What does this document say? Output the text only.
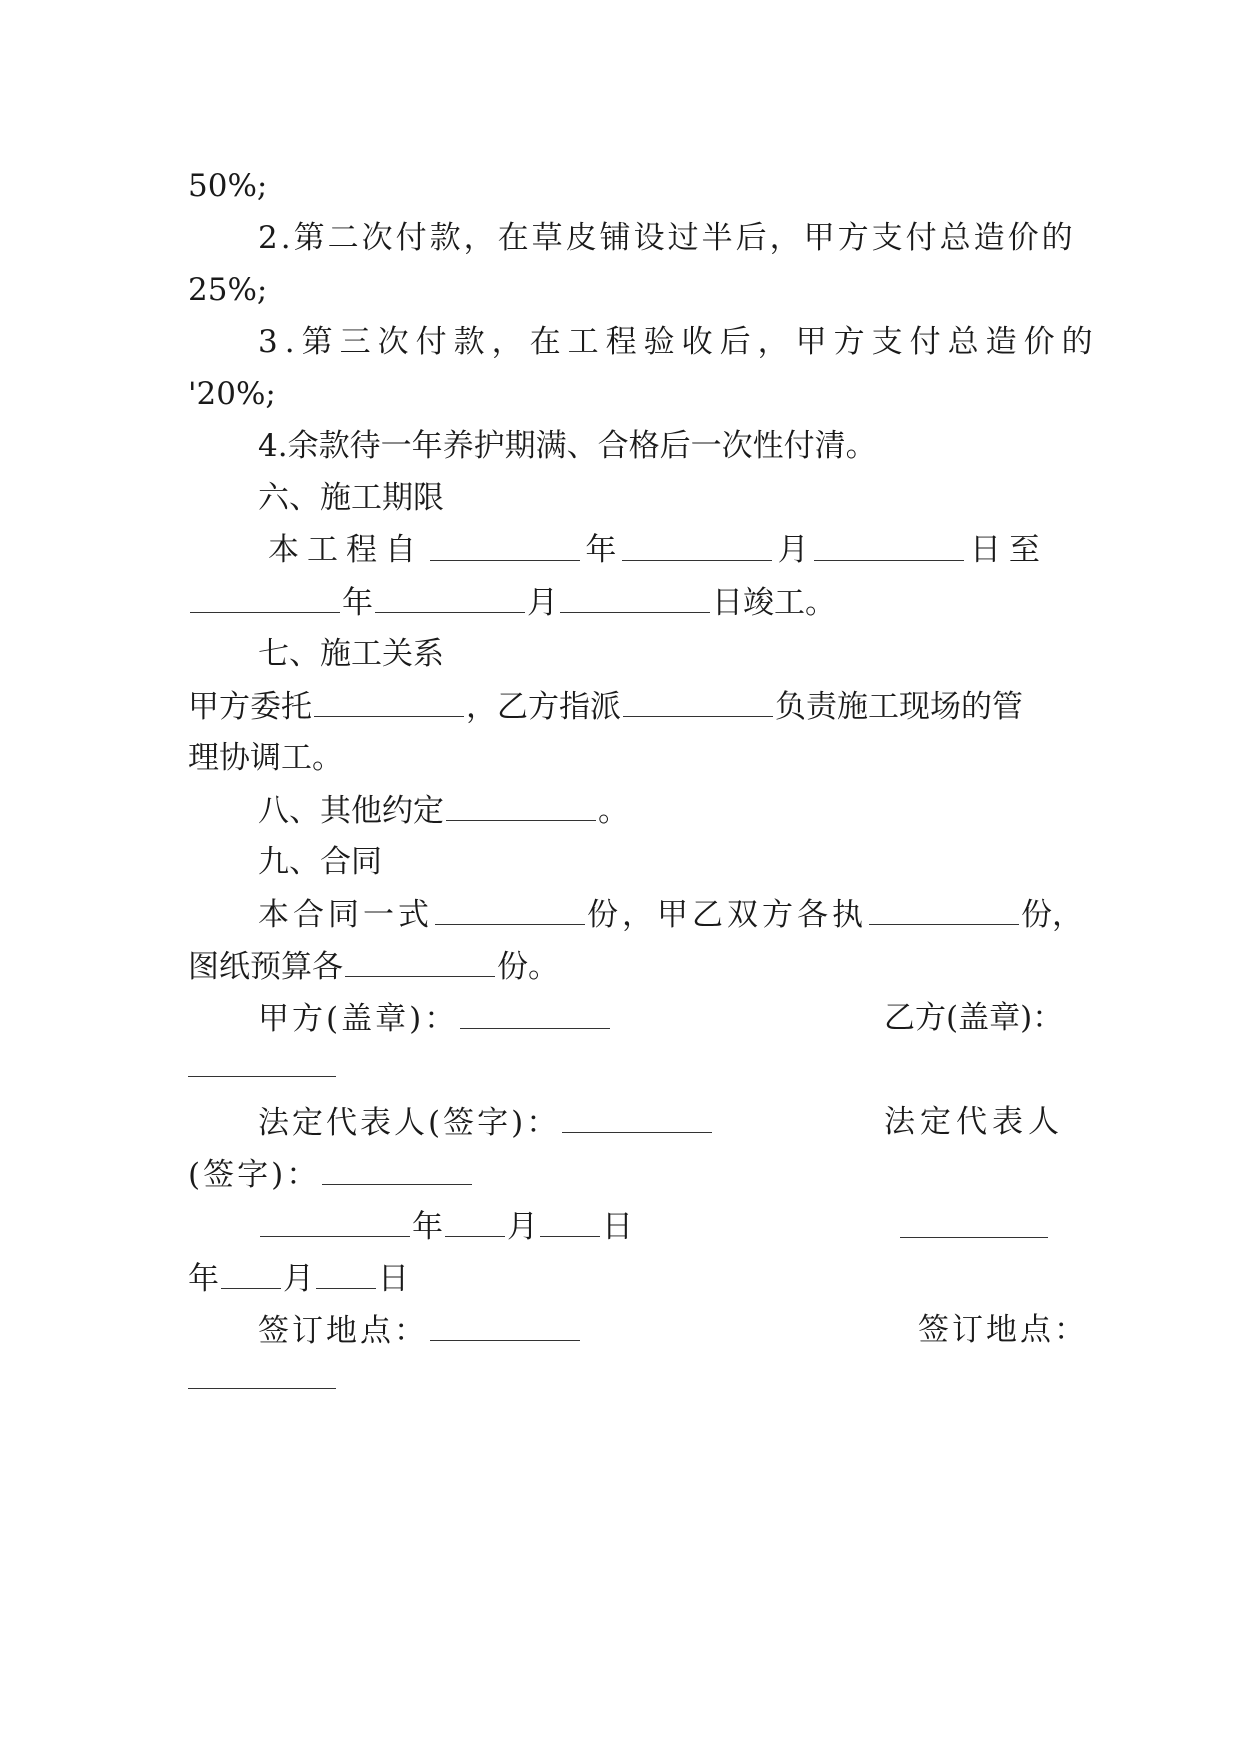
50%;
2.第二次付款，在草皮铺设过半后，甲方支付总造价的
25%;
3.第三次付款，在工程验收后，甲方支付总造价的
'20%;
4.余款待一年养护期满、合格后一次性付清。
六、施工期限
本工程自	年	月	日至
年	月	日竣工。
七、施工关系
甲方委托	，乙方指派	负责施工现场的管
理协调工。
八、其他约定	。
九、合同
本合同一式	份，甲乙双方各执	份，
图纸预算各	份。
甲方(盖章)：	乙方(盖章)：
法定代表人(签字)：	法定代表人
(签字)：
年 月 日
年 月 日
签订地点：	签订地点：
